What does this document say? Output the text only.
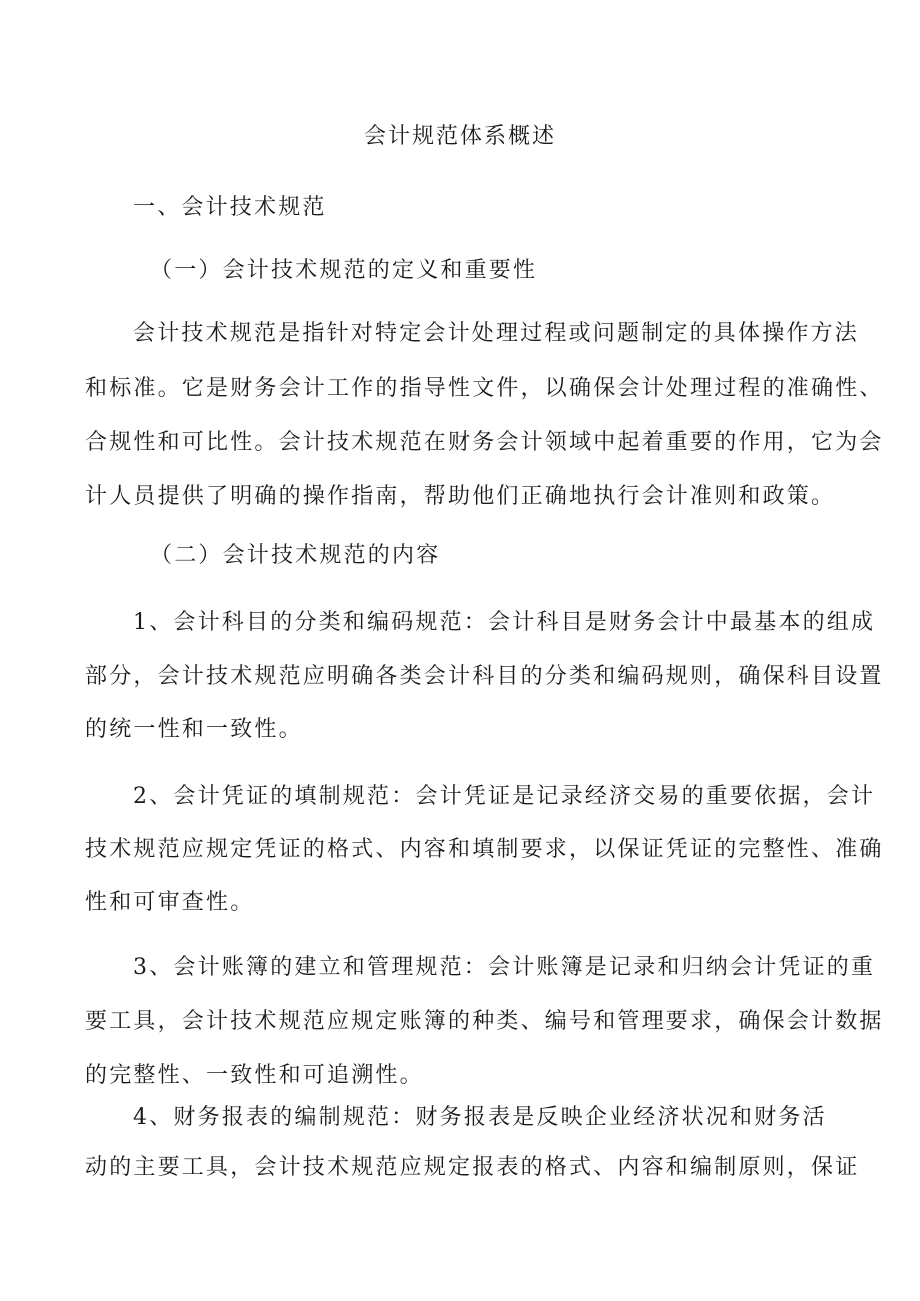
会计规范体系概述
一、会计技术规范
（一）会计技术规范的定义和重要性
会计技术规范是指针对特定会计处理过程或问题制定的具体操作方法
和标准。它是财务会计工作的指导性文件，以确保会计处理过程的准确性、
合规性和可比性。会计技术规范在财务会计领域中起着重要的作用，它为会
计人员提供了明确的操作指南，帮助他们正确地执行会计准则和政策。
（二）会计技术规范的内容
1、会计科目的分类和编码规范：会计科目是财务会计中最基本的组成
部分，会计技术规范应明确各类会计科目的分类和编码规则，确保科目设置
的统一性和一致性。
2、会计凭证的填制规范：会计凭证是记录经济交易的重要依据，会计
技术规范应规定凭证的格式、内容和填制要求，以保证凭证的完整性、准确
性和可审查性。
3、会计账簿的建立和管理规范：会计账簿是记录和归纳会计凭证的重
要工具，会计技术规范应规定账簿的种类、编号和管理要求，确保会计数据
的完整性、一致性和可追溯性。
4、财务报表的编制规范：财务报表是反映企业经济状况和财务活
动的主要工具，会计技术规范应规定报表的格式、内容和编制原则，保证
